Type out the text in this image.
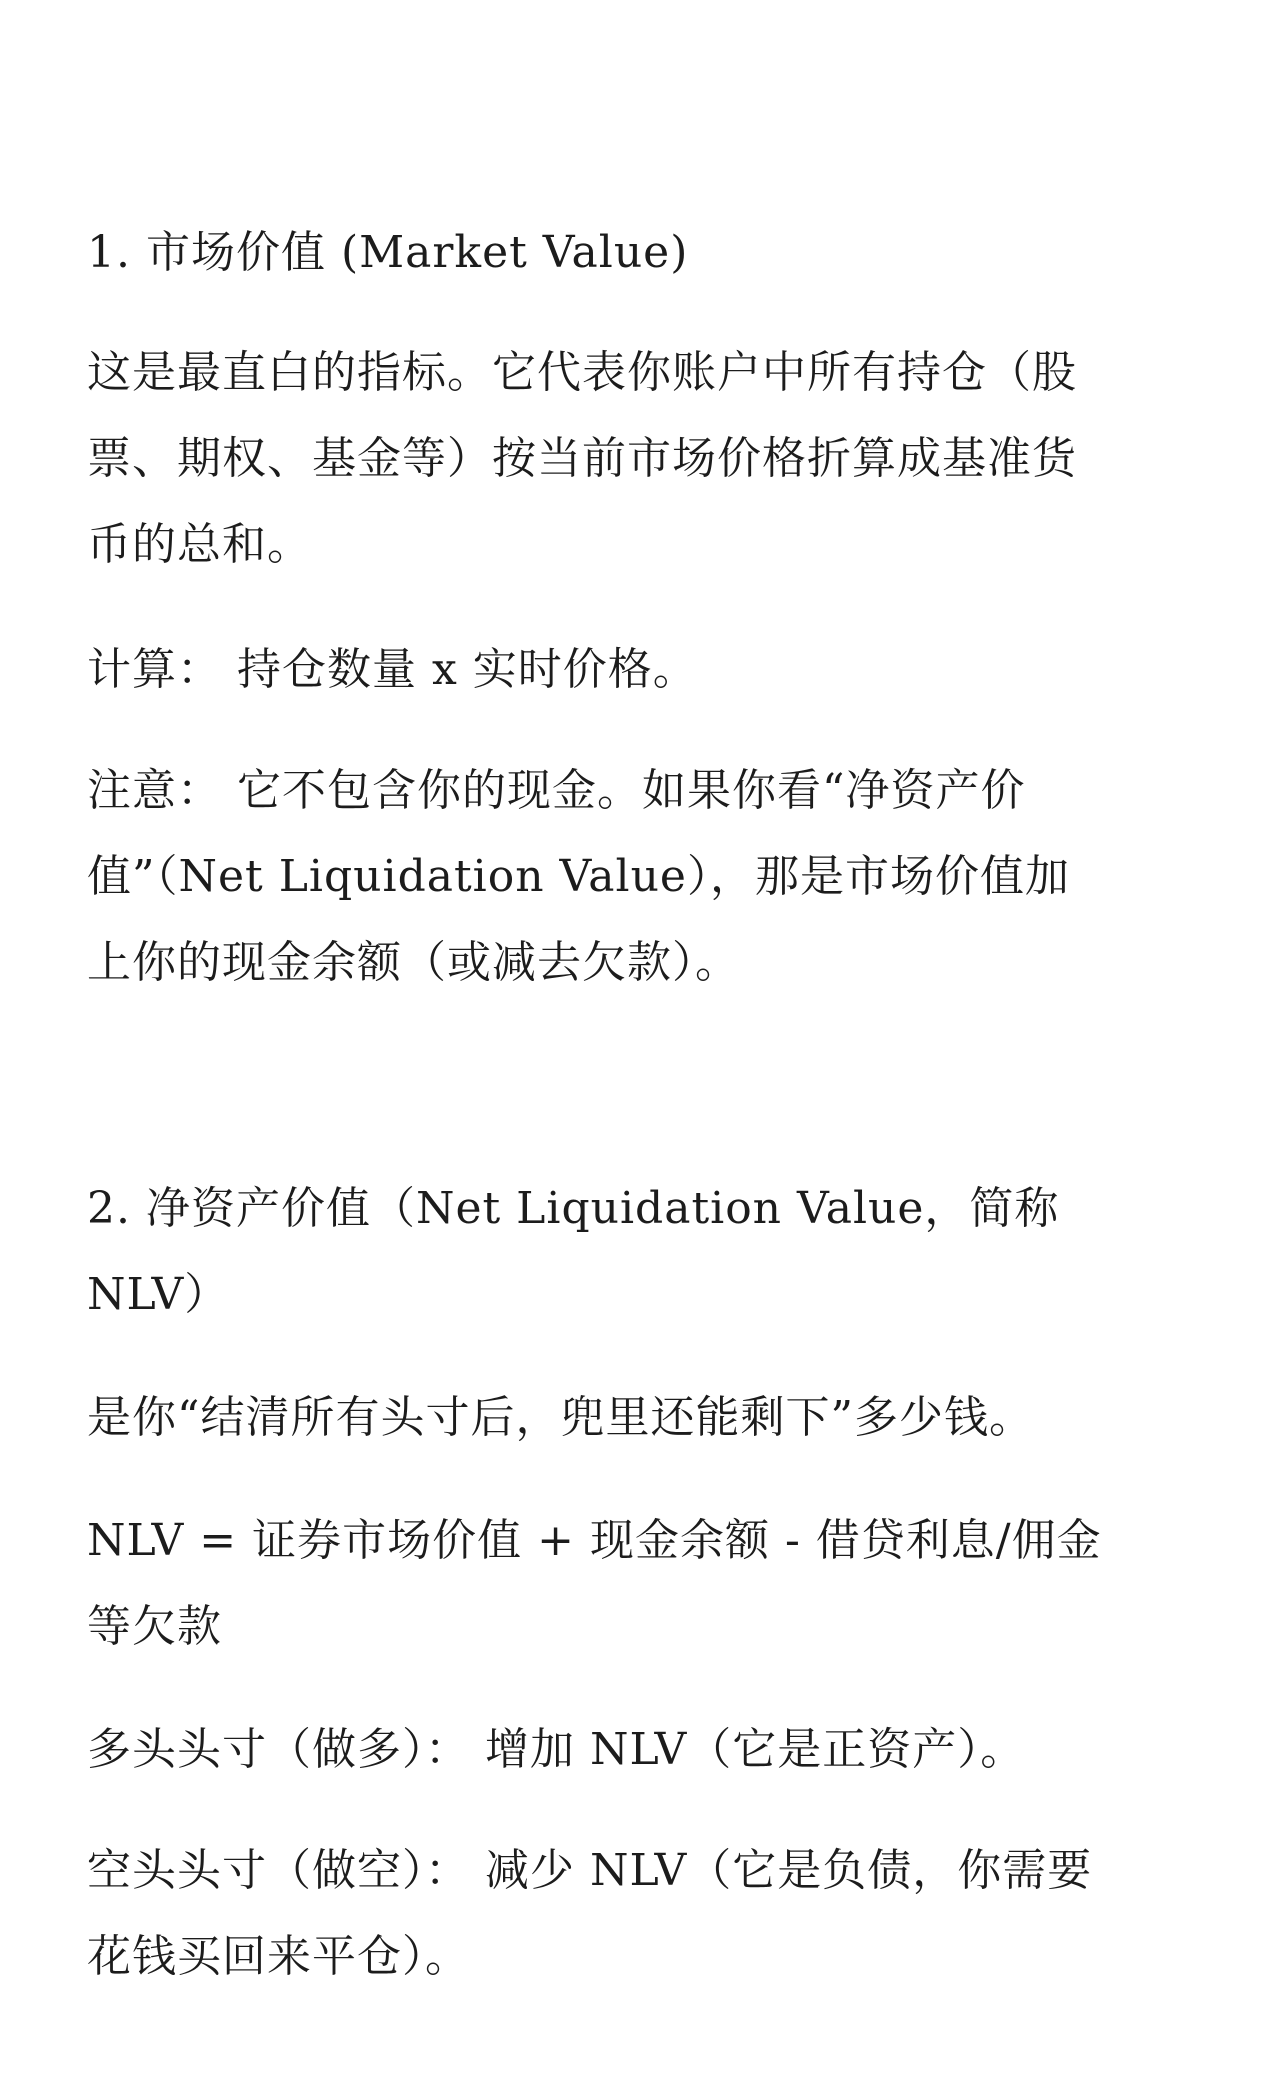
1. 市场价值 (Market Value)

这是最直白的指标。它代表你账户中所有持仓（股
票、期权、基金等）按当前市场价格折算成基准货
币的总和。

计算： 持仓数量 x 实时价格。

注意： 它不包含你的现金。如果你看“净资产价
值”（Net Liquidation Value），那是市场价值加
上你的现金余额（或减去欠款）。

2. 净资产价值（Net Liquidation Value，简称
NLV）

是你“结清所有头寸后，兜里还能剩下”多少钱。

NLV = 证券市场价值 + 现金余额 - 借贷利息/佣金
等欠款

多头头寸（做多）： 增加 NLV（它是正资产）。

空头头寸（做空）： 减少 NLV（它是负债，你需要
花钱买回来平仓）。
